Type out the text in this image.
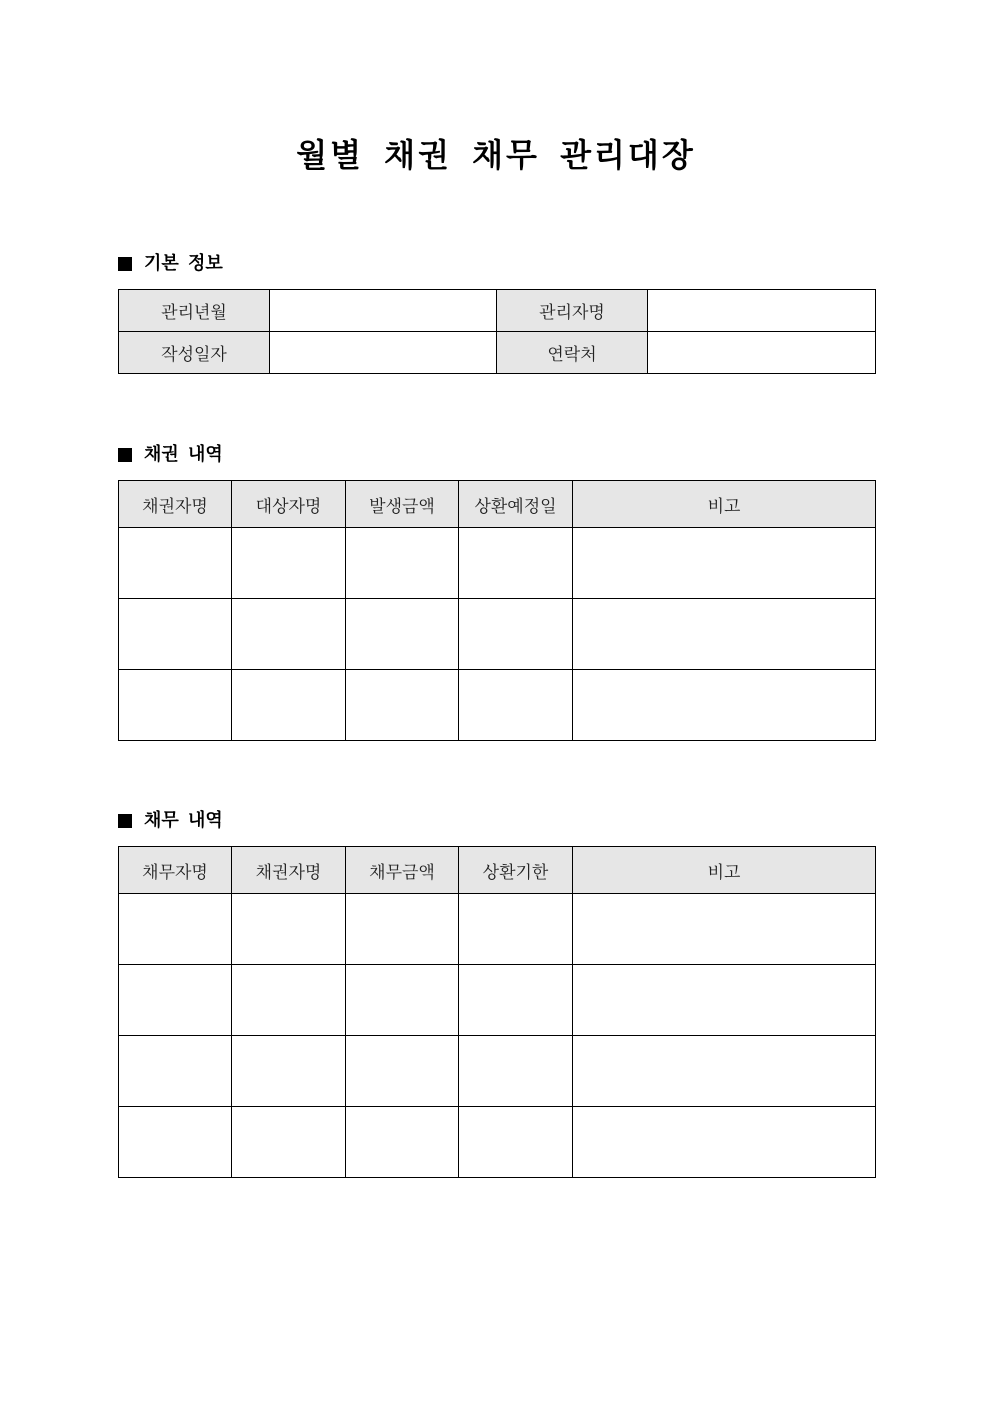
월별 채권 채무 관리대장
기본 정보
관리년월		관리자명	
작성일자		연락처	
채권 내역
채권자명	대상자명	발생금액	상환예정일	비고

채무 내역
채무자명	채권자명	채무금액	상환기한	비고
